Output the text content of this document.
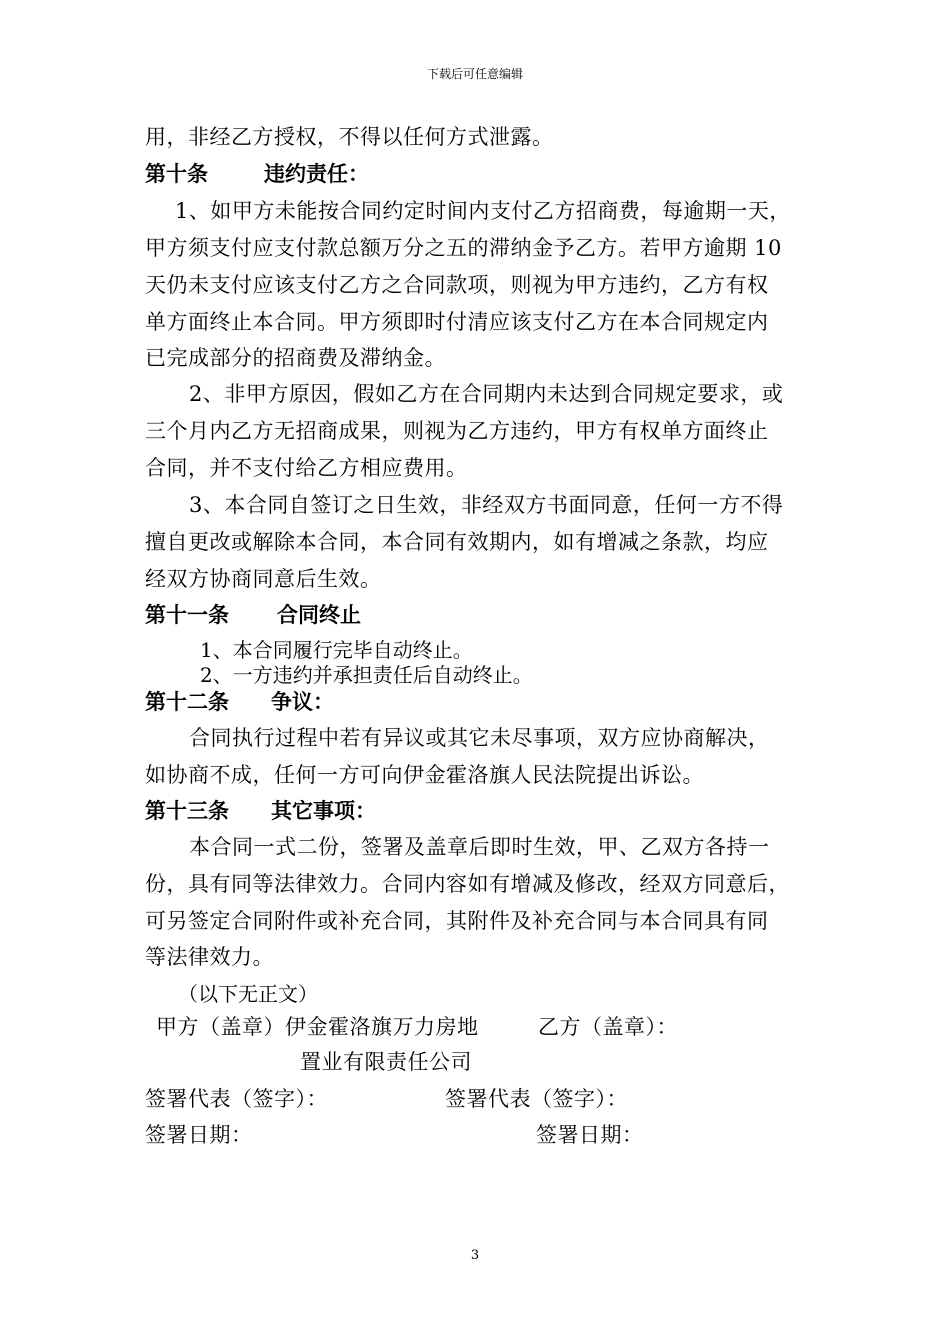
下载后可任意编辑

用，非经乙方授权，不得以任何方式泄露。

第十条	违约责任：

1、如甲方未能按合同约定时间内支付乙方招商费，每逾期一天，

甲方须支付应支付款总额万分之五的滞纳金予乙方。若甲方逾期 10

天仍未支付应该支付乙方之合同款项，则视为甲方违约，乙方有权

单方面终止本合同。甲方须即时付清应该支付乙方在本合同规定内

已完成部分的招商费及滞纳金。

2、非甲方原因，假如乙方在合同期内未达到合同规定要求，或

三个月内乙方无招商成果，则视为乙方违约，甲方有权单方面终止

合同，并不支付给乙方相应费用。

3、本合同自签订之日生效，非经双方书面同意，任何一方不得

擅自更改或解除本合同，本合同有效期内，如有增减之条款，均应

经双方协商同意后生效。

第十一条 合同终止

1、本合同履行完毕自动终止。

2、一方违约并承担责任后自动终止。

第十二条 争议：

合同执行过程中若有异议或其它未尽事项，双方应协商解决，

如协商不成，任何一方可向伊金霍洛旗人民法院提出诉讼。

第十三条 其它事项：

本合同一式二份，签署及盖章后即时生效，甲、乙双方各持一

份，具有同等法律效力。合同内容如有增减及修改，经双方同意后，

可另签定合同附件或补充合同，其附件及补充合同与本合同具有同

等法律效力。

（以下无正文）

甲方（盖章）伊金霍洛旗万力房地	乙方（盖章）：

置业有限责任公司

签署代表（签字）：	签署代表（签字）：

签署日期：	签署日期：

3
